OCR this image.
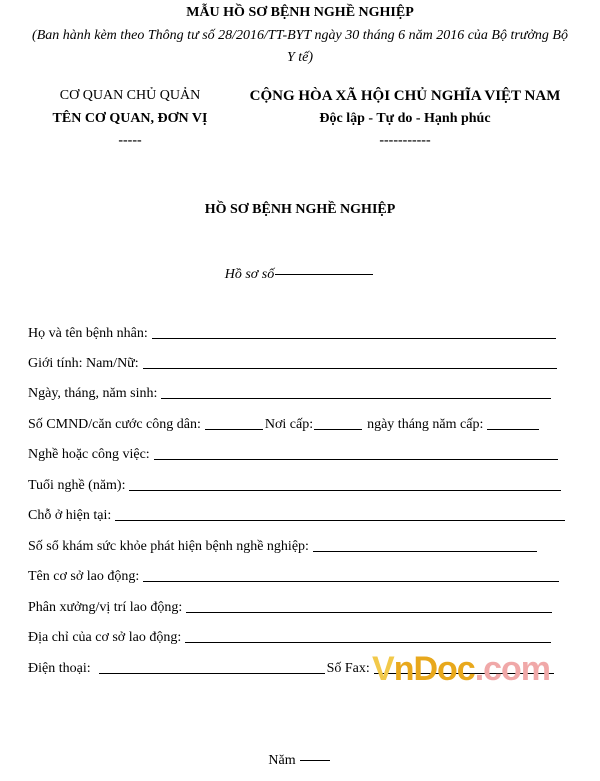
MẪU HỒ SƠ BỆNH NGHỀ NGHIỆP
(Ban hành kèm theo Thông tư số 28/2016/TT-BYT ngày 30 tháng 6 năm 2016 của Bộ trưởng Bộ Y tế)
CƠ QUAN CHỦ QUẢN
TÊN CƠ QUAN, ĐƠN VỊ
-----
CỘNG HÒA XÃ HỘI CHỦ NGHĨA VIỆT NAM
Độc lập - Tự do - Hạnh phúc
-----------
HỒ SƠ BỆNH NGHỀ NGHIỆP
Hồ sơ số
Họ và tên bệnh nhân:
Giới tính: Nam/Nữ:
Ngày, tháng, năm sinh:
Số CMND/căn cước công dân:	Nơi cấp:	ngày tháng năm cấp:
Nghề hoặc công việc:
Tuổi nghề (năm):
Chỗ ở hiện tại:
Số sổ khám sức khỏe phát hiện bệnh nghề nghiệp:
Tên cơ sở lao động:
Phân xưởng/vị trí lao động:
Địa chỉ của cơ sở lao động:
Điện thoại:	Số Fax: VnDoc.com
Năm
